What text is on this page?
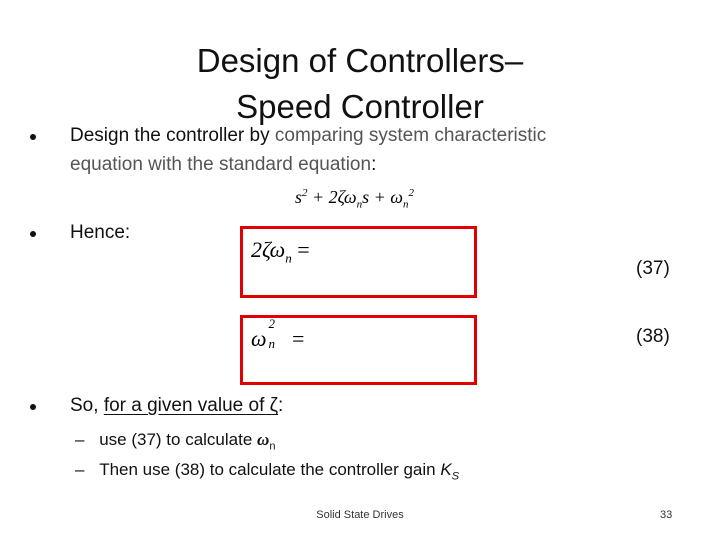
Design of Controllers–
Speed Controller
Design the controller by comparing system characteristic
equation with the standard equation:
$s^2 + 2\zeta\omega_ns + \omega_n^2$
Hence:
$2\zeta\omega_n$ =
(37)
ω
2
n =	(38)
So, for a given value of ζ:
– use (37) to calculate $\omega_n$
– Then use (38) to calculate the controller gain $K_S$
Solid State Drives	33
